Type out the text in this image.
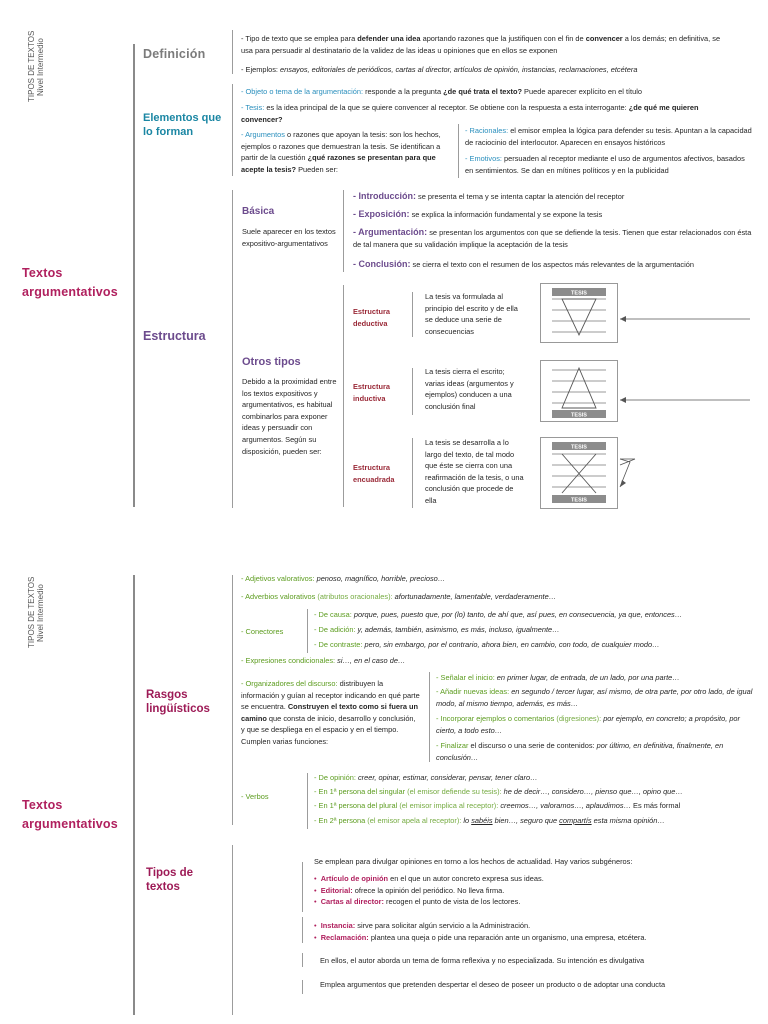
TIPOS DE TEXTOS Nivel Intermedio
Textos argumentativos
Definición
- Tipo de texto que se emplea para defender una idea aportando razones que la justifiquen con el fin de convencer a los demás; en definitiva, se usa para persuadir al destinatario de la validez de las ideas u opiniones que en ellos se exponen
- Ejemplos: ensayos, editoriales de periódicos, cartas al director, artículos de opinión, instancias, reclamaciones, etcétera
Elementos que lo forman
- Objeto o tema de la argumentación: responde a la pregunta ¿de qué trata el texto? Puede aparecer explícito en el título
- Tesis: es la idea principal de la que se quiere convencer al receptor. Se obtiene con la respuesta a esta interrogante: ¿de qué me quieren convencer?
- Argumentos o razones que apoyan la tesis: son los hechos, ejemplos o razones que demuestran la tesis. Se identifican a partir de la cuestión ¿qué razones se presentan para que acepte la tesis? Pueden ser:
- Racionales: el emisor emplea la lógica para defender su tesis. Apuntan a la capacidad de raciocinio del interlocutor. Aparecen en ensayos históricos
- Emotivos: persuaden al receptor mediante el uso de argumentos afectivos, basados en sentimientos. Se dan en mítines políticos y en la publicidad
Estructura
Básica
Suele aparecer en los textos expositivo-argumentativos
- Introducción: se presenta el tema y se intenta captar la atención del receptor
- Exposición: se explica la información fundamental y se expone la tesis
- Argumentación: se presentan los argumentos con que se defiende la tesis. Tienen que estar relacionados con ésta de tal manera que su validación implique la aceptación de la tesis
- Conclusión: se cierra el texto con el resumen de los aspectos más relevantes de la argumentación
Otros tipos
Debido a la proximidad entre los textos expositivos y argumentativos, es habitual combinarlos para exponer ideas y persuadir con argumentos. Según su disposición, pueden ser:
Estructura deductiva
La tesis va formulada al principio del escrito y de ella se deduce una serie de consecuencias
Estructura inductiva
La tesis cierra el escrito; varias ideas (argumentos y ejemplos) conducen a una conclusión final
Estructura encuadrada
La tesis se desarrolla a lo largo del texto, de tal modo que éste se cierra con una reafirmación de la tesis, o una conclusión que procede de ella
TESIS
TESIS
TESIS
TESIS
TIPOS DE TEXTOS Nivel Intermedio
Textos argumentativos
Rasgos lingüísticos
- Adjetivos valorativos: penoso, magnífico, horrible, precioso…
- Adverbios valorativos (atributos oracionales): afortunadamente, lamentable, verdaderamente…
- Conectores
- De causa: porque, pues, puesto que, por (lo) tanto, de ahí que, así pues, en consecuencia, ya que, entonces…
- De adición: y, además, también, asimismo, es más, incluso, igualmente…
- De contraste: pero, sin embargo, por el contrario, ahora bien, en cambio, con todo, de cualquier modo…
- Expresiones condicionales: si…, en el caso de…
- Organizadores del discurso: distribuyen la información y guían al receptor indicando en qué parte se encuentra. Construyen el texto como si fuera un camino que consta de inicio, desarrollo y conclusión, y que se despliega en el espacio y en el tiempo. Cumplen varias funciones:
- Señalar el inicio: en primer lugar, de entrada, de un lado, por una parte…
- Añadir nuevas ideas: en segundo / tercer lugar, así mismo, de otra parte, por otro lado, de igual modo, al mismo tiempo, además, es más…
- Incorporar ejemplos o comentarios (digresiones): por ejemplo, en concreto; a propósito, por cierto, a todo esto…
- Finalizar el discurso o una serie de contenidos: por último, en definitiva, finalmente, en conclusión…
- Verbos
- De opinión: creer, opinar, estimar, considerar, pensar, tener claro…
- En 1ª persona del singular (el emisor defiende su tesis): he de decir…, considero…, pienso que…, opino que…
- En 1ª persona del plural (el emisor implica al receptor): creemos…, valoramos…, aplaudimos… Es más formal
- En 2ª persona (el emisor apela al receptor): lo sabéis bien…, seguro que compartís esta misma opinión…
Tipos de textos
Se emplean para divulgar opiniones en torno a los hechos de actualidad. Hay varios subgéneros:
• Artículo de opinión en el que un autor concreto expresa sus ideas.
• Editorial: ofrece la opinión del periódico. No lleva firma.
• Cartas al director: recogen el punto de vista de los lectores.
• Instancia: sirve para solicitar algún servicio a la Administración.
• Reclamación: plantea una queja o pide una reparación ante un organismo, una empresa, etcétera.
En ellos, el autor aborda un tema de forma reflexiva y no especializada. Su intención es divulgativa
Emplea argumentos que pretenden despertar el deseo de poseer un producto o de adoptar una conducta
